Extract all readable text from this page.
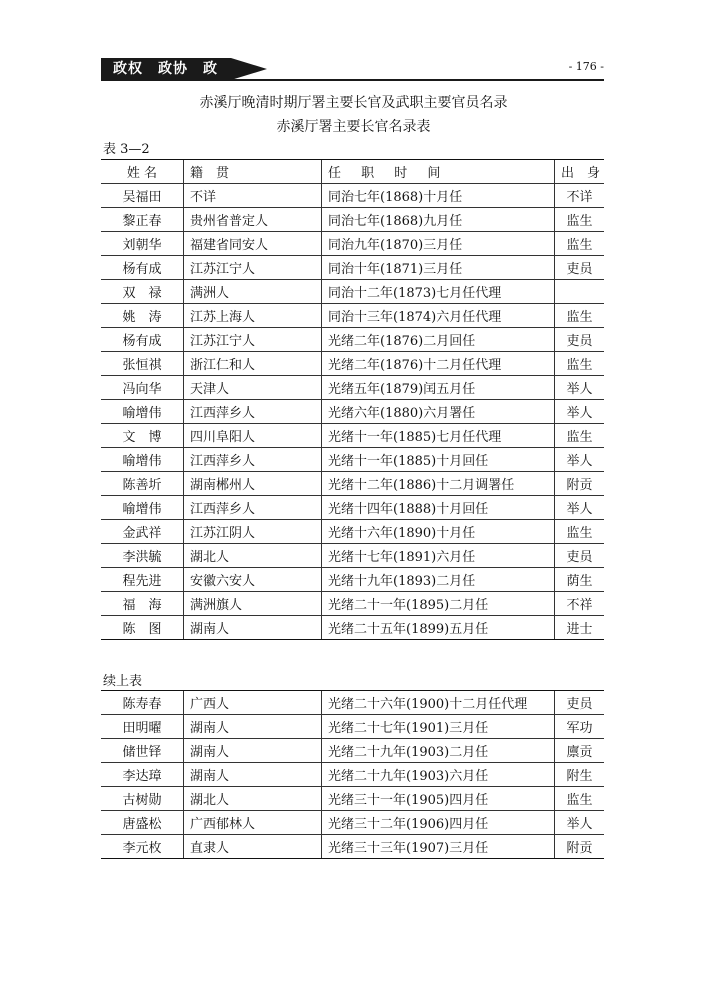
政权　政协　政法
- 176 -
赤溪厅晚清时期厅署主要长官及武职主要官员名录
赤溪厅署主要长官名录表
表 3—2
姓 名	籍　贯	任 职 时 间	出　身
吴福田	不详	同治七年(1868)十月任	不详
黎正春	贵州省普定人	同治七年(1868)九月任	监生
刘朝华	福建省同安人	同治九年(1870)三月任	监生
杨有成	江苏江宁人	同治十年(1871)三月任	吏员
双　禄	满洲人	同治十二年(1873)七月任代理	
姚　涛	江苏上海人	同治十三年(1874)六月任代理	监生
杨有成	江苏江宁人	光绪二年(1876)二月回任	吏员
张恒祺	浙江仁和人	光绪二年(1876)十二月任代理	监生
冯向华	天津人	光绪五年(1879)闰五月任	举人
喻增伟	江西萍乡人	光绪六年(1880)六月署任	举人
文　博	四川阜阳人	光绪十一年(1885)七月任代理	监生
喻增伟	江西萍乡人	光绪十一年(1885)十月回任	举人
陈善圻	湖南郴州人	光绪十二年(1886)十二月调署任	附贡
喻增伟	江西萍乡人	光绪十四年(1888)十月回任	举人
金武祥	江苏江阴人	光绪十六年(1890)十月任	监生
李洪毓	湖北人	光绪十七年(1891)六月任	吏员
程先进	安徽六安人	光绪十九年(1893)二月任	荫生
福　海	满洲旗人	光绪二十一年(1895)二月任	不祥
陈　图	湖南人	光绪二十五年(1899)五月任	进士
续上表
陈寿春	广西人	光绪二十六年(1900)十二月任代理	吏员
田明曜	湖南人	光绪二十七年(1901)三月任	军功
储世铎	湖南人	光绪二十九年(1903)二月任	廪贡
李达璋	湖南人	光绪二十九年(1903)六月任	附生
古树勋	湖北人	光绪三十一年(1905)四月任	监生
唐盛松	广西郁林人	光绪三十二年(1906)四月任	举人
李元枚	直隶人	光绪三十三年(1907)三月任	附贡
